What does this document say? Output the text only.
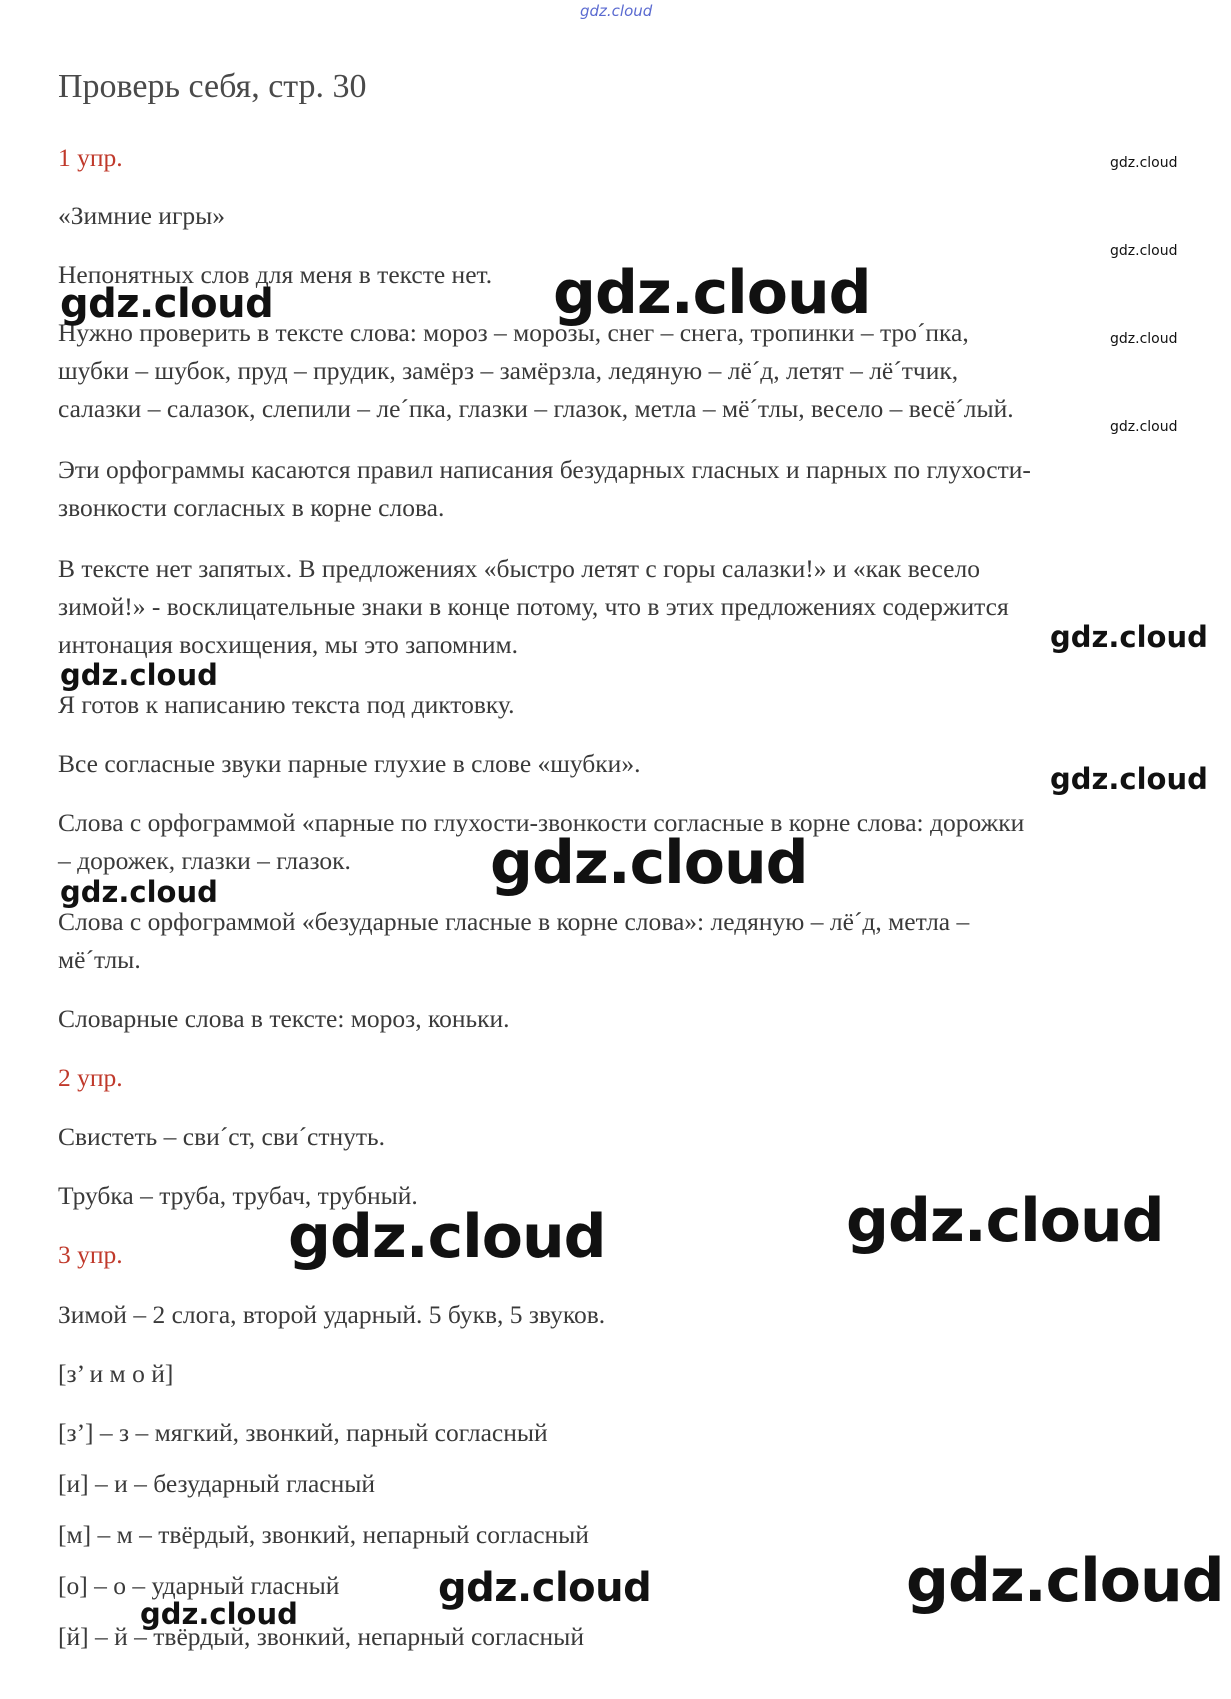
gdz.cloud
Проверь себя, стр. 30
1 упр.
«Зимние игры»
Непонятных слов для меня в тексте нет.
Нужно проверить в тексте слова: мороз – морозы, снег – снега, тропинки – тро´пка,
шубки – шубок, пруд – прудик, замёрз – замёрзла, ледяную – лё´д, летят – лё´тчик,
салазки – салазок, слепили – ле´пка, глазки – глазок, метла – мё´тлы, весело – весё´лый.
Эти орфограммы касаются правил написания безударных гласных и парных по глухости-
звонкости согласных в корне слова.
В тексте нет запятых. В предложениях «быстро летят с горы салазки!» и «как весело
зимой!» - восклицательные знаки в конце потому, что в этих предложениях содержится
интонация восхищения, мы это запомним.
Я готов к написанию текста под диктовку.
Все согласные звуки парные глухие в слове «шубки».
Слова с орфограммой «парные по глухости-звонкости согласные в корне слова: дорожки
– дорожек, глазки – глазок.
Слова с орфограммой «безударные гласные в корне слова»: ледяную – лё´д, метла –
мё´тлы.
Словарные слова в тексте: мороз, коньки.
2 упр.
Свистеть – сви´ст, сви´стнуть.
Трубка – труба, трубач, трубный.
3 упр.
Зимой – 2 слога, второй ударный. 5 букв, 5 звуков.
[з’ и м о й]
[з’] – з – мягкий, звонкий, парный согласный
[и] – и – безударный гласный
[м] – м – твёрдый, звонкий, непарный согласный
[о] – о – ударный гласный
[й] – й – твёрдый, звонкий, непарный согласный
gdz.cloud
gdz.cloud
gdz.cloud
gdz.cloud
gdz.cloud
gdz.cloud
gdz.cloud
gdz.cloud
gdz.cloud
gdz.cloud
gdz.cloud
gdz.cloud	gdz.cloud
gdz.cloud	gdz.cloud
gdz.cloud
